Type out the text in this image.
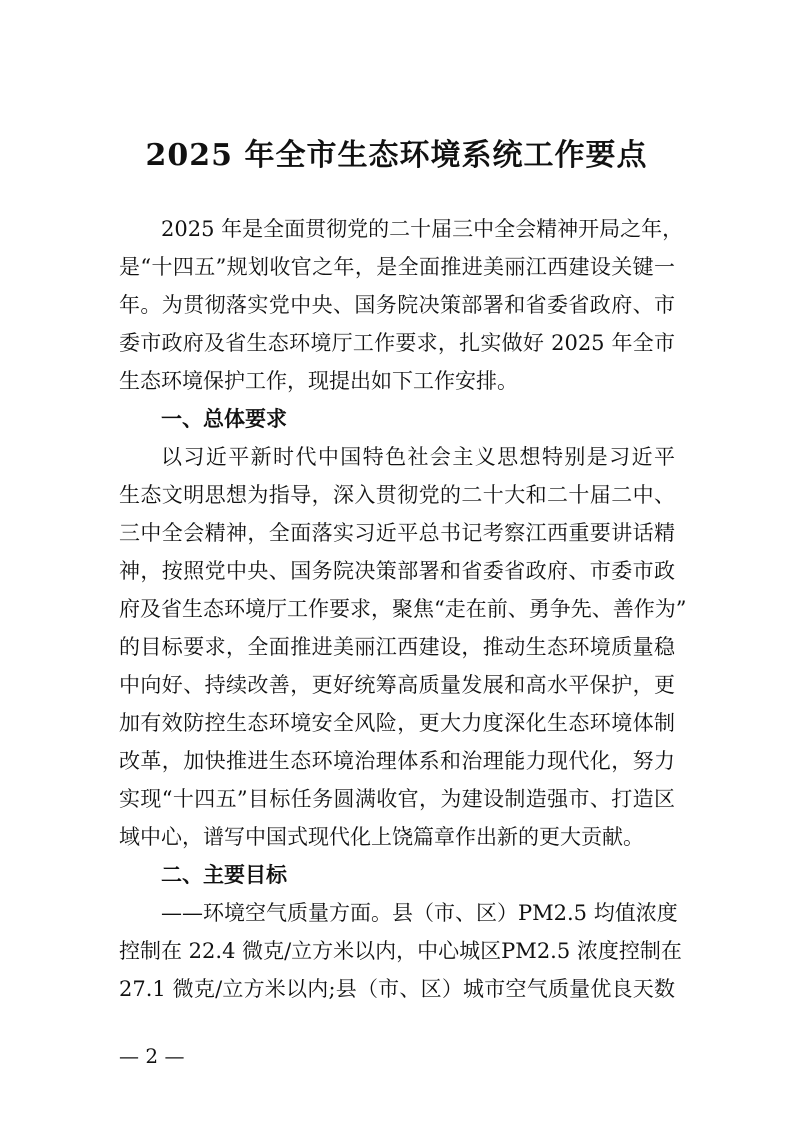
2025 年全市生态环境系统工作要点
2025 年是全面贯彻党的二十届三中全会精神开局之年，
是“十四五”规划收官之年，是全面推进美丽江西建设关键一
年。为贯彻落实党中央、国务院决策部署和省委省政府、市
委市政府及省生态环境厅工作要求，扎实做好 2025 年全市
生态环境保护工作，现提出如下工作安排。
一、总体要求
以习近平新时代中国特色社会主义思想特别是习近平
生态文明思想为指导，深入贯彻党的二十大和二十届二中、
三中全会精神，全面落实习近平总书记考察江西重要讲话精
神，按照党中央、国务院决策部署和省委省政府、市委市政
府及省生态环境厅工作要求，聚焦“走在前、勇争先、善作为”
的目标要求，全面推进美丽江西建设，推动生态环境质量稳
中向好、持续改善，更好统筹高质量发展和高水平保护，更
加有效防控生态环境安全风险，更大力度深化生态环境体制
改革，加快推进生态环境治理体系和治理能力现代化，努力
实现“十四五”目标任务圆满收官，为建设制造强市、打造区
域中心，谱写中国式现代化上饶篇章作出新的更大贡献。
二、主要目标
——环境空气质量方面。县（市、区）PM2.5 均值浓度
控制在 22.4 微克/立方米以内，中心城区PM2.5 浓度控制在
27.1 微克/立方米以内;县（市、区）城市空气质量优良天数
— 2 —
